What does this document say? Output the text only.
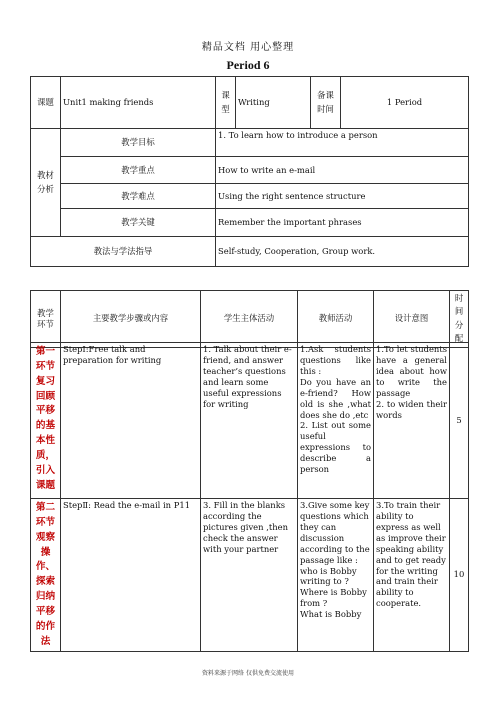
精品文档 用心整理
Period 6
课题	Unit1 making friends	课型	Writing	备课时间	1 Period
教材分析	教学目标	1. To learn how to introduce a person			
	教学重点	How to write an e-mail			
	教学难点	Using the right sentence structure			
	教学关键	Remember the important phrases			
教法与学法指导		Self-study, Cooperation, Group work.			
教学环节	主要教学步骤或内容	学生主体活动	教师活动	设计意图	时间分配
第一环节复习回顾平移的基本性质，引入课题	StepⅠ:Free talk and preparation for writing	1. Talk about their e-friend, and answer teacher’s questions
and learn some useful expressions for writing	1.Ask students questions like this :
Do you have an e-friend? How old is she ,what does she do ,etc
2. List out some useful
expressions to describe a person	1.To let students have a general idea about how to write the passage
2. to widen their words	5
第二环节观察操作、探索归纳平移的作法	StepⅡ: Read the e-mail in P11	3. Fill in the blanks according the pictures given ,then check the answer with your partner	3.Give some key questions which they can discussion according to the passage like :
who is Bobby writing to ?
Where is Bobby from ?
What is Bobby	3.To train their ability to express as well as improve their speaking ability and to get ready for the writing and train their ability to cooperate.	10
资料来源于网络 仅供免费交流使用
